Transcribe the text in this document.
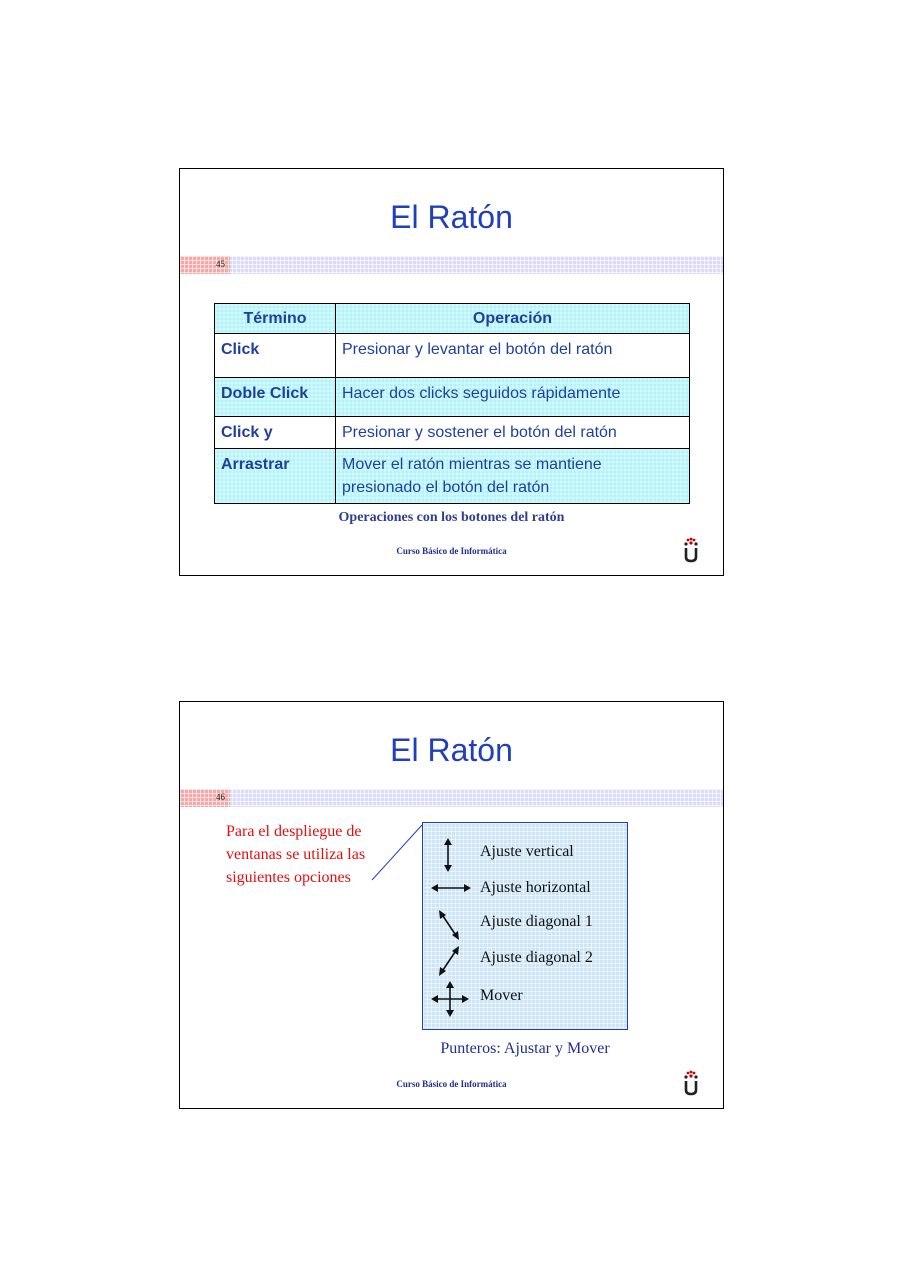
El Ratón
45
Término	Operación
Click	Presionar y levantar el botón del ratón
Doble Click	Hacer dos clicks seguidos rápidamente
Click y	Presionar y sostener el botón del ratón
Arrastrar	Mover el ratón mientras se mantiene presionado el botón del ratón
Operaciones con los botones del ratón
Curso Básico de Informática
El Ratón
46
Para el despliegue de ventanas se utiliza las siguientes opciones
Ajuste vertical
Ajuste horizontal
Ajuste diagonal 1
Ajuste diagonal 2
Mover
Punteros: Ajustar y Mover
Curso Básico de Informática
